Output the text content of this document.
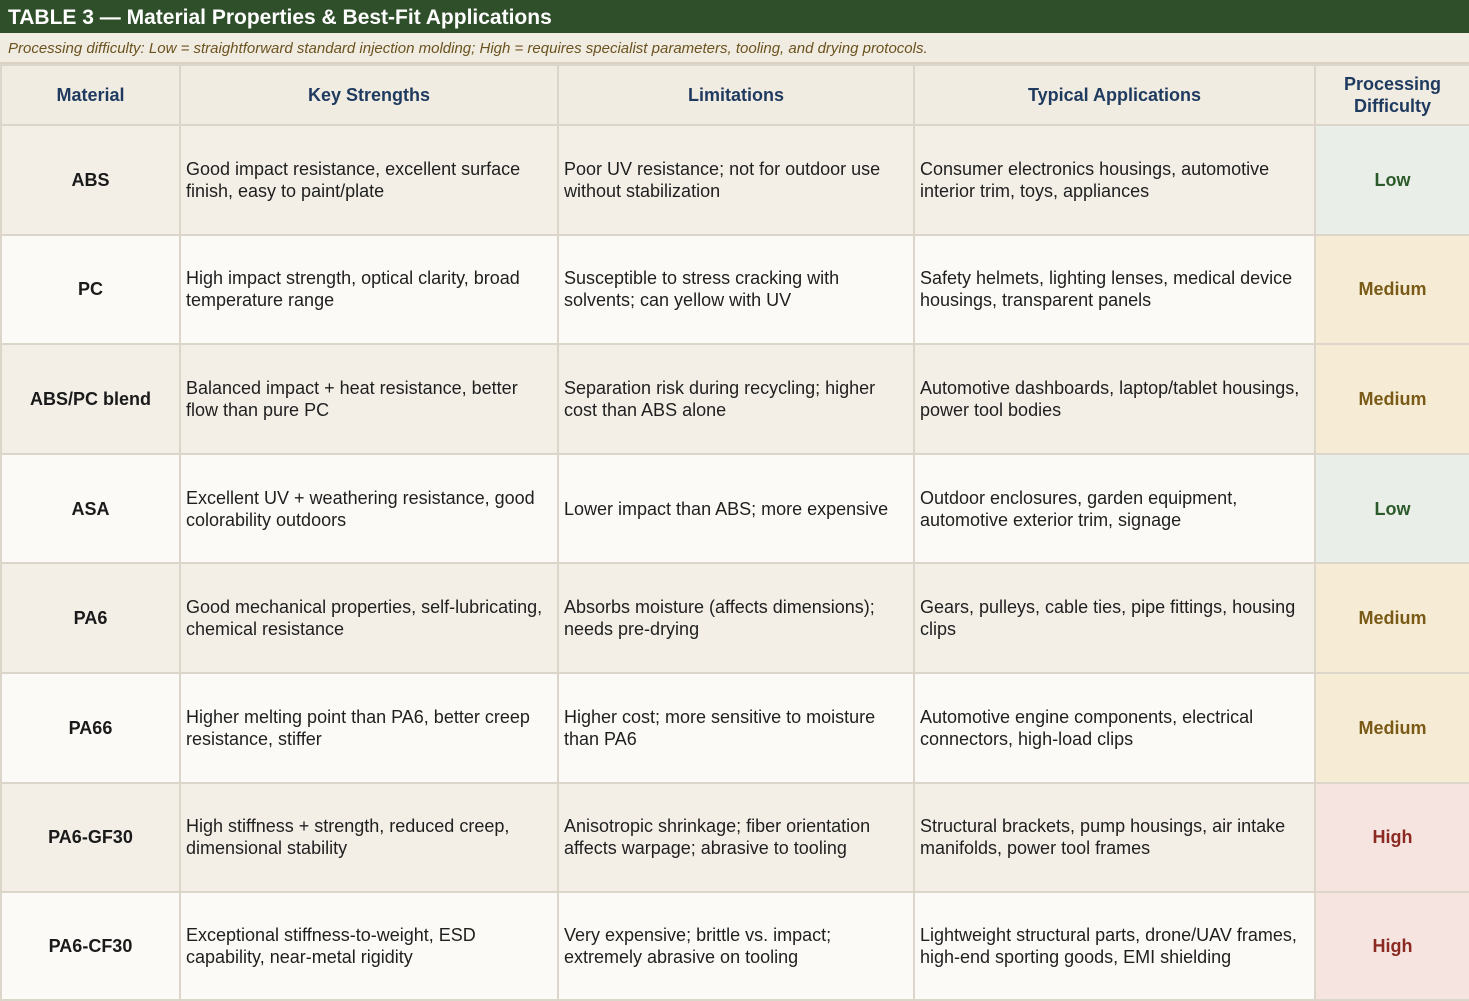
TABLE 3 — Material Properties & Best-Fit Applications
Processing difficulty: Low = straightforward standard injection molding; High = requires specialist parameters, tooling, and drying protocols.
Material	Key Strengths	Limitations	Typical Applications	Processing Difficulty
ABS	Good impact resistance, excellent surface finish, easy to paint/plate	Poor UV resistance; not for outdoor use without stabilization	Consumer electronics housings, automotive interior trim, toys, appliances	Low
PC	High impact strength, optical clarity, broad temperature range	Susceptible to stress cracking with solvents; can yellow with UV	Safety helmets, lighting lenses, medical device housings, transparent panels	Medium
ABS/PC blend	Balanced impact + heat resistance, better flow than pure PC	Separation risk during recycling; higher cost than ABS alone	Automotive dashboards, laptop/tablet housings, power tool bodies	Medium
ASA	Excellent UV + weathering resistance, good colorability outdoors	Lower impact than ABS; more expensive	Outdoor enclosures, garden equipment, automotive exterior trim, signage	Low
PA6	Good mechanical properties, self-lubricating, chemical resistance	Absorbs moisture (affects dimensions); needs pre-drying	Gears, pulleys, cable ties, pipe fittings, housing clips	Medium
PA66	Higher melting point than PA6, better creep resistance, stiffer	Higher cost; more sensitive to moisture than PA6	Automotive engine components, electrical connectors, high-load clips	Medium
PA6-GF30	High stiffness + strength, reduced creep, dimensional stability	Anisotropic shrinkage; fiber orientation affects warpage; abrasive to tooling	Structural brackets, pump housings, air intake manifolds, power tool frames	High
PA6-CF30	Exceptional stiffness-to-weight, ESD capability, near-metal rigidity	Very expensive; brittle vs. impact; extremely abrasive on tooling	Lightweight structural parts, drone/UAV frames, high-end sporting goods, EMI shielding	High
